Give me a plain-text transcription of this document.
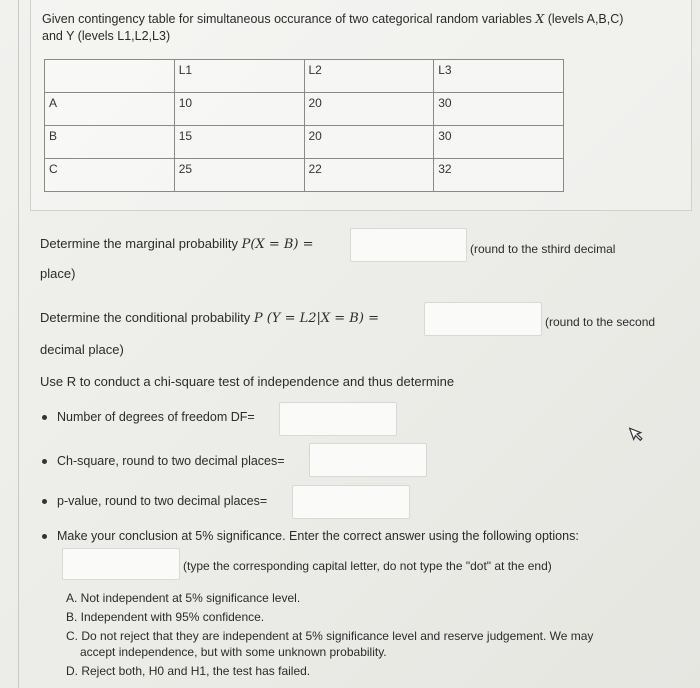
Given contingency table for simultaneous occurance of two categorical random variables X (levels A,B,C)
and Y (levels L1,L2,L3)
	L1	L2	L3
A	10	20	30
B	15	20	30
C	25	22	32
Determine the marginal probability P(X = B) =	(round to the sthird decimal
place)
Determine the conditional probability P (Y = L2|X = B) =	(round to the second
decimal place)
Use R to conduct a chi-square test of independence and thus determine
Number of degrees of freedom DF=
Ch-square, round to two decimal places=
p-value, round to two decimal places=
Make your conclusion at 5% significance. Enter the correct answer using the following options:
(type the corresponding capital letter, do not type the "dot" at the end)
A. Not independent at 5% significance level.
B. Independent with 95% confidence.
C. Do not reject that they are independent at 5% significance level and reserve judgement. We may
accept independence, but with some unknown probability.
D. Reject both, H0 and H1, the test has failed.
